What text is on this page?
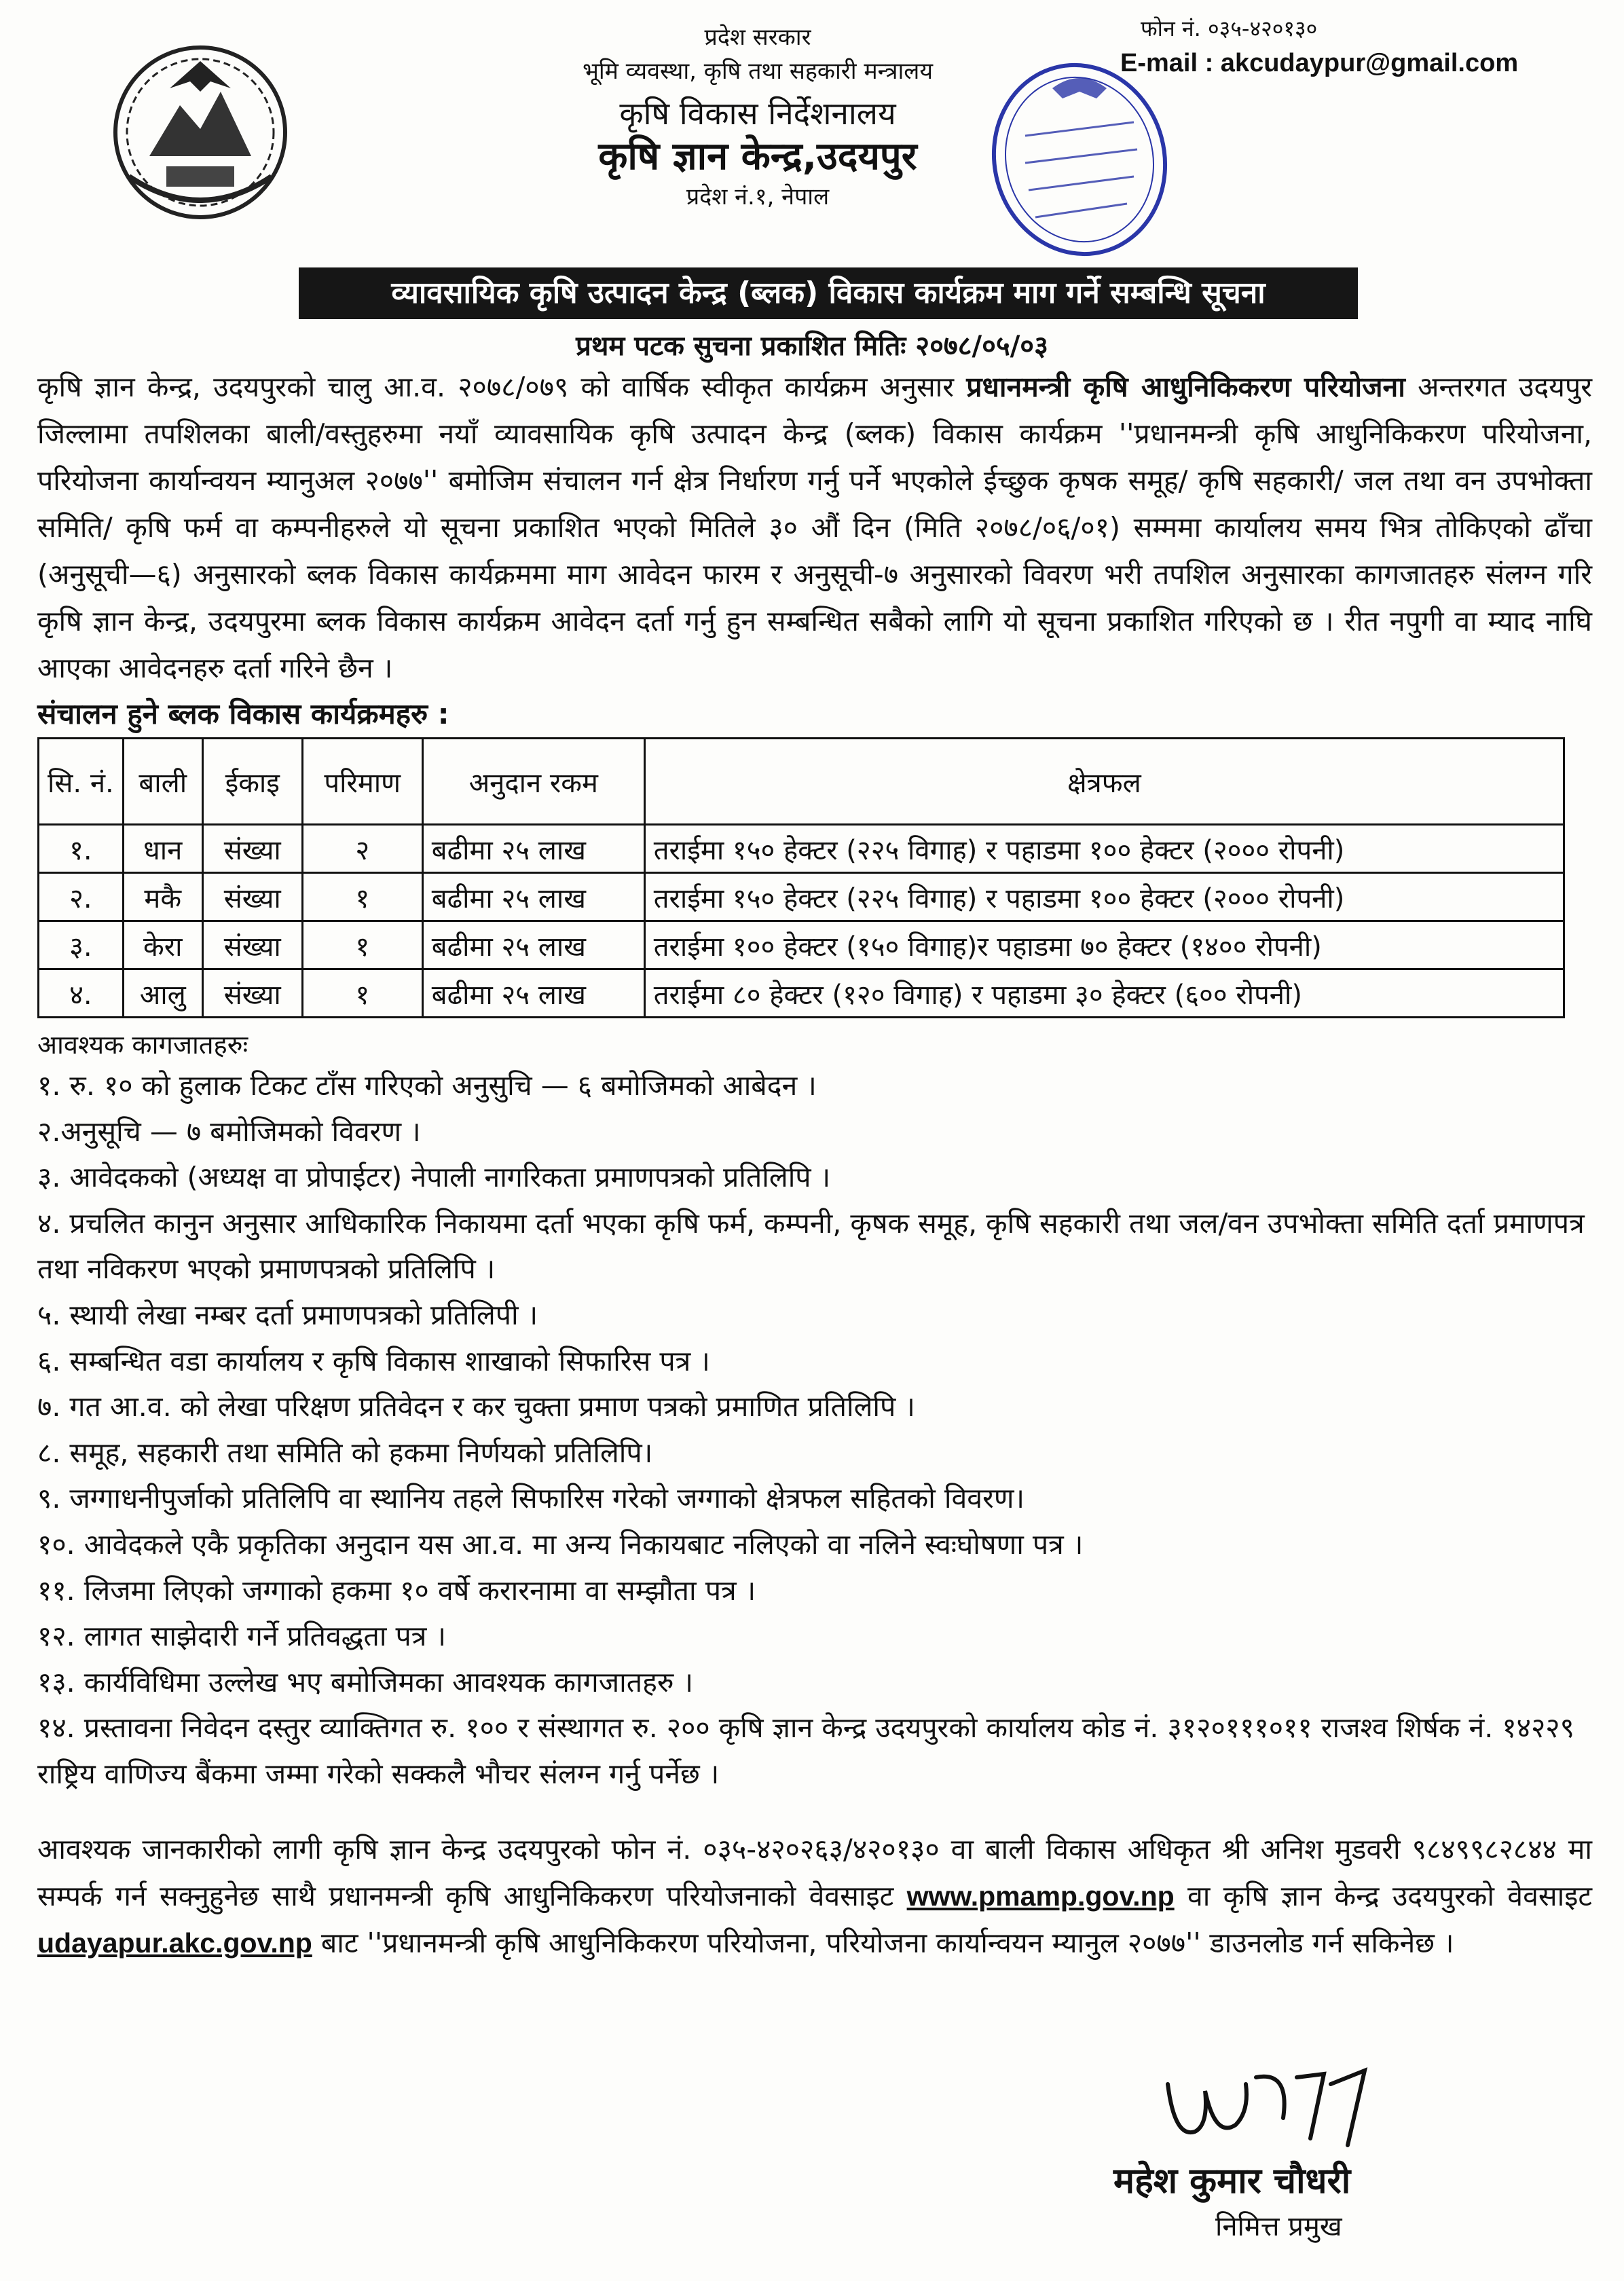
प्रदेश सरकार
भूमि व्यवस्था, कृषि तथा सहकारी मन्त्रालय
कृषि विकास निर्देशनालय
कृषि ज्ञान केन्द्र,उदयपुर
प्रदेश नं.१, नेपाल
फोन नं. ०३५-४२०१३०
E-mail : akcudaypur@gmail.com
व्यावसायिक कृषि उत्पादन केन्द्र (ब्लक) विकास कार्यक्रम माग गर्ने सम्बन्धि सूचना
प्रथम पटक सुचना प्रकाशित मितिः २०७८/०५/०३
कृषि ज्ञान केन्द्र, उदयपुरको चालु आ.व. २०७८/०७९ को वार्षिक स्वीकृत कार्यक्रम अनुसार प्रधानमन्त्री कृषि आधुनिकिकरण परियोजना अन्तरगत उदयपुर जिल्लामा तपशिलका बाली/वस्तुहरुमा नयाँ व्यावसायिक कृषि उत्पादन केन्द्र (ब्लक) विकास कार्यक्रम ''प्रधानमन्त्री कृषि आधुनिकिकरण परियोजना, परियोजना कार्यान्वयन म्यानुअल २०७७'' बमोजिम संचालन गर्न क्षेत्र निर्धारण गर्नु पर्ने भएकोले ईच्छुक कृषक समूह/ कृषि सहकारी/ जल तथा वन उपभोक्ता समिति/ कृषि फर्म वा कम्पनीहरुले यो सूचना प्रकाशित भएको मितिले ३० औं दिन (मिति २०७८/०६/०१) सम्ममा कार्यालय समय भित्र तोकिएको ढाँचा (अनुसूची—६) अनुसारको ब्लक विकास कार्यक्रममा माग आवेदन फारम र अनुसूची-७ अनुसारको विवरण भरी तपशिल अनुसारका कागजातहरु संलग्न गरि कृषि ज्ञान केन्द्र, उदयपुरमा ब्लक विकास कार्यक्रम आवेदन दर्ता गर्नु हुन सम्बन्धित सबैको लागि यो सूचना प्रकाशित गरिएको छ । रीत नपुगी वा म्याद नाघि आएका आवेदनहरु दर्ता गरिने छैन ।
संचालन हुने ब्लक विकास कार्यक्रमहरु :
सि. नं.	बाली	ईकाइ	परिमाण	अनुदान रकम	क्षेत्रफल
१.	धान	संख्या	२	बढीमा २५ लाख	तराईमा १५० हेक्टर (२२५ विगाह) र पहाडमा १०० हेक्टर (२००० रोपनी)
२.	मकै	संख्या	१	बढीमा २५ लाख	तराईमा १५० हेक्टर (२२५ विगाह) र पहाडमा १०० हेक्टर (२००० रोपनी)
३.	केरा	संख्या	१	बढीमा २५ लाख	तराईमा १०० हेक्टर (१५० विगाह)र पहाडमा ७० हेक्टर (१४०० रोपनी)
४.	आलु	संख्या	१	बढीमा २५ लाख	तराईमा ८० हेक्टर (१२० विगाह) र पहाडमा ३० हेक्टर (६०० रोपनी)
आवश्यक कागजातहरुः
१. रु. १० को हुलाक टिकट टाँस गरिएको अनुसुचि — ६ बमोजिमको आबेदन ।
२.अनुसूचि — ७ बमोजिमको विवरण ।
३. आवेदकको (अध्यक्ष वा प्रोपाईटर) नेपाली नागरिकता प्रमाणपत्रको प्रतिलिपि ।
४. प्रचलित कानुन अनुसार आधिकारिक निकायमा दर्ता भएका कृषि फर्म, कम्पनी, कृषक समूह, कृषि सहकारी तथा जल/वन उपभोक्ता समिति दर्ता प्रमाणपत्र तथा नविकरण भएको प्रमाणपत्रको प्रतिलिपि ।
५. स्थायी लेखा नम्बर दर्ता प्रमाणपत्रको प्रतिलिपी ।
६. सम्बन्धित वडा कार्यालय र कृषि विकास शाखाको सिफारिस पत्र ।
७. गत आ.व. को लेखा परिक्षण प्रतिवेदन र कर चुक्ता प्रमाण पत्रको प्रमाणित प्रतिलिपि ।
८. समूह, सहकारी तथा समिति को हकमा निर्णयको प्रतिलिपि।
९. जग्गाधनीपुर्जाको प्रतिलिपि वा स्थानिय तहले सिफारिस गरेको जग्गाको क्षेत्रफल सहितको विवरण।
१०. आवेदकले एकै प्रकृतिका अनुदान यस आ.व. मा अन्य निकायबाट नलिएको वा नलिने स्वःघोषणा पत्र ।
११. लिजमा लिएको जग्गाको हकमा १० वर्षे करारनामा वा सम्झौता पत्र ।
१२. लागत साझेदारी गर्ने प्रतिवद्धता पत्र ।
१३. कार्यविधिमा उल्लेख भए बमोजिमका आवश्यक कागजातहरु ।
१४. प्रस्तावना निवेदन दस्तुर व्याक्तिगत रु. १०० र संस्थागत रु. २०० कृषि ज्ञान केन्द्र उदयपुरको कार्यालय कोड नं. ३१२०१११०११ राजश्व शिर्षक नं. १४२२९ राष्ट्रिय वाणिज्य बैंकमा जम्मा गरेको सक्कलै भौचर संलग्न गर्नु पर्नेछ ।
आवश्यक जानकारीको लागी कृषि ज्ञान केन्द्र उदयपुरको फोन नं. ०३५-४२०२६३/४२०१३० वा बाली विकास अधिकृत श्री अनिश मुडवरी ९८४९९८२८४४ मा सम्पर्क गर्न सक्नुहुनेछ साथै प्रधानमन्त्री कृषि आधुनिकिकरण परियोजनाको वेवसाइट www.pmamp.gov.np वा कृषि ज्ञान केन्द्र उदयपुरको वेवसाइट udayapur.akc.gov.np बाट ''प्रधानमन्त्री कृषि आधुनिकिकरण परियोजना, परियोजना कार्यान्वयन म्यानुल २०७७'' डाउनलोड गर्न सकिनेछ ।
महेश कुमार चौधरी
निमित्त प्रमुख
